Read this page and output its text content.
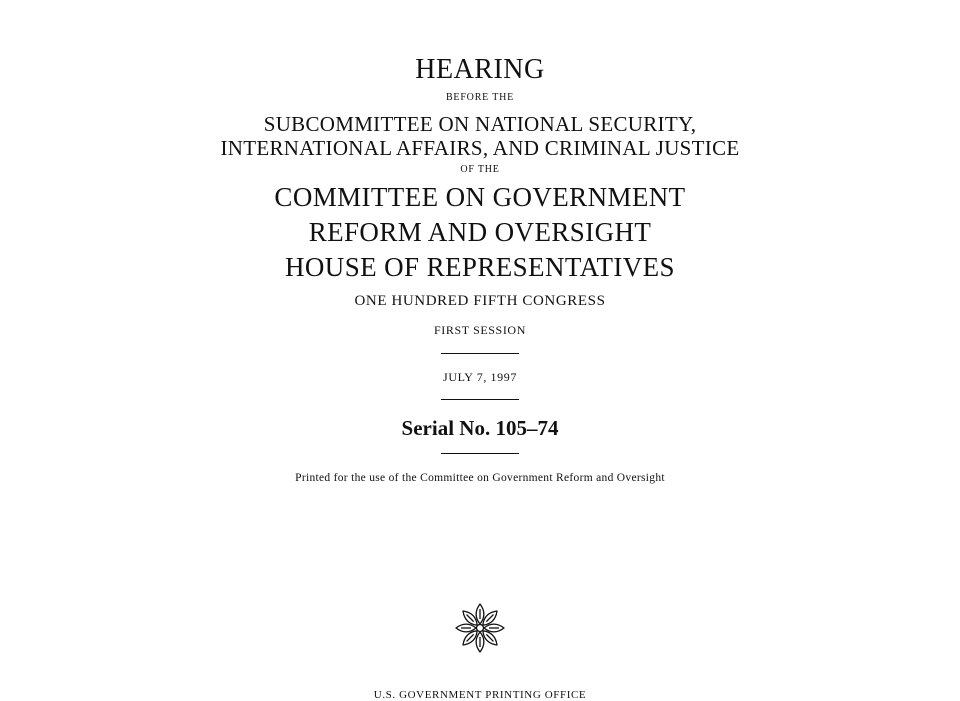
HEARING
BEFORE THE
SUBCOMMITTEE ON NATIONAL SECURITY,
INTERNATIONAL AFFAIRS, AND CRIMINAL JUSTICE
OF THE
COMMITTEE ON GOVERNMENT
REFORM AND OVERSIGHT
HOUSE OF REPRESENTATIVES
ONE HUNDRED FIFTH CONGRESS
FIRST SESSION
JULY 7, 1997
Serial No. 105–74
Printed for the use of the Committee on Government Reform and Oversight
U.S. GOVERNMENT PRINTING OFFICE
